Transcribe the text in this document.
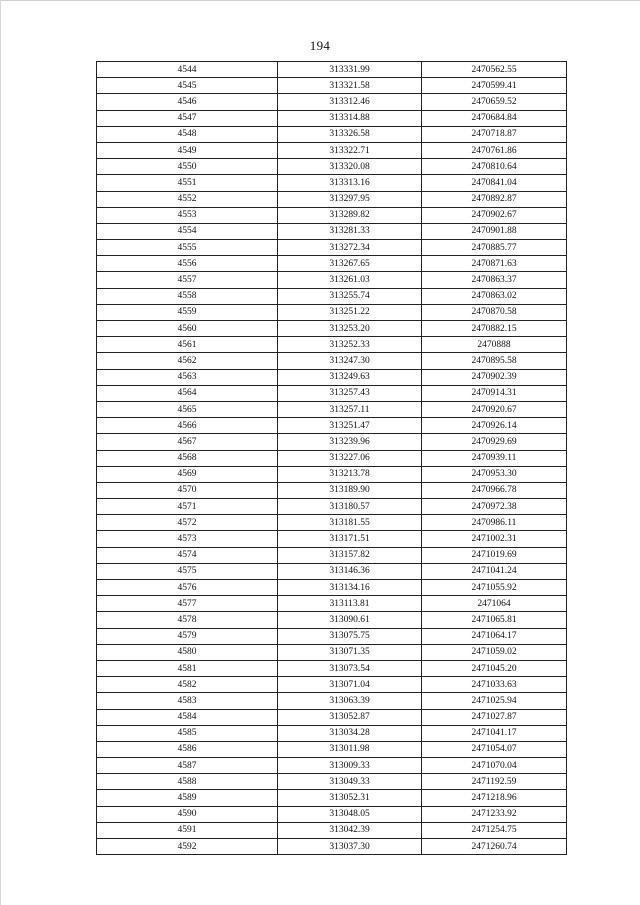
194
4544	313331.99	2470562.55
4545	313321.58	2470599.41
4546	313312.46	2470659.52
4547	313314.88	2470684.84
4548	313326.58	2470718.87
4549	313322.71	2470761.86
4550	313320.08	2470810.64
4551	313313.16	2470841.04
4552	313297.95	2470892.87
4553	313289.82	2470902.67
4554	313281.33	2470901.88
4555	313272.34	2470885.77
4556	313267.65	2470871.63
4557	313261.03	2470863.37
4558	313255.74	2470863.02
4559	313251.22	2470870.58
4560	313253.20	2470882.15
4561	313252.33	2470888
4562	313247.30	2470895.58
4563	313249.63	2470902.39
4564	313257.43	2470914.31
4565	313257.11	2470920.67
4566	313251.47	2470926.14
4567	313239.96	2470929.69
4568	313227.06	2470939.11
4569	313213.78	2470953.30
4570	313189.90	2470966.78
4571	313180.57	2470972.38
4572	313181.55	2470986.11
4573	313171.51	2471002.31
4574	313157.82	2471019.69
4575	313146.36	2471041.24
4576	313134.16	2471055.92
4577	313113.81	2471064
4578	313090.61	2471065.81
4579	313075.75	2471064.17
4580	313071.35	2471059.02
4581	313073.54	2471045.20
4582	313071.04	2471033.63
4583	313063.39	2471025.94
4584	313052.87	2471027.87
4585	313034.28	2471041.17
4586	313011.98	2471054.07
4587	313009.33	2471070.04
4588	313049.33	2471192.59
4589	313052.31	2471218.96
4590	313048.05	2471233.92
4591	313042.39	2471254.75
4592	313037.30	2471260.74
